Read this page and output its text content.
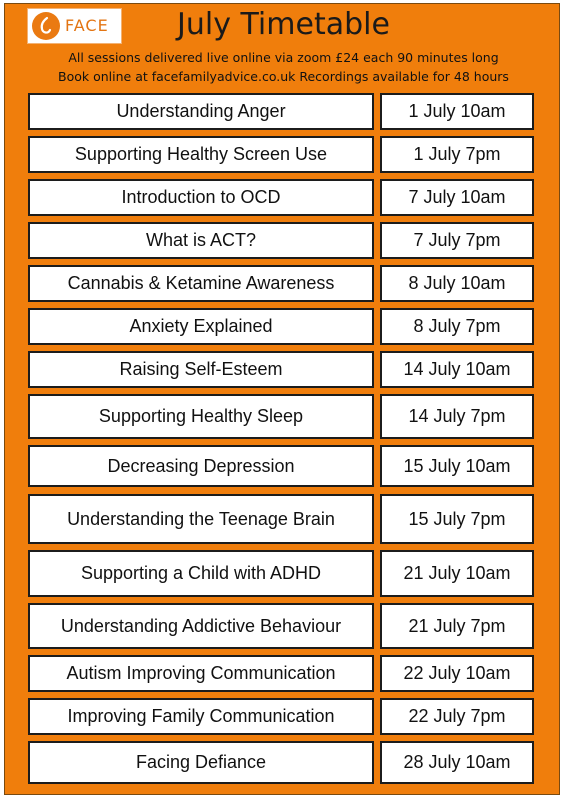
FACE	July Timetable
All sessions delivered live online via zoom £24 each 90 minutes long
Book online at facefamilyadvice.co.uk Recordings available for 48 hours
Understanding Anger	1 July 10am
Supporting Healthy Screen Use	1 July 7pm
Introduction to OCD	7 July 10am
What is ACT?	7 July 7pm
Cannabis & Ketamine Awareness	8 July 10am
Anxiety Explained	8 July 7pm
Raising Self-Esteem	14 July 10am
Supporting Healthy Sleep	14 July 7pm
Decreasing Depression	15 July 10am
Understanding the Teenage Brain	15 July 7pm
Supporting a Child with ADHD	21 July 10am
Understanding Addictive Behaviour	21 July 7pm
Autism Improving Communication	22 July 10am
Improving Family Communication	22 July 7pm
Facing Defiance	28 July 10am
